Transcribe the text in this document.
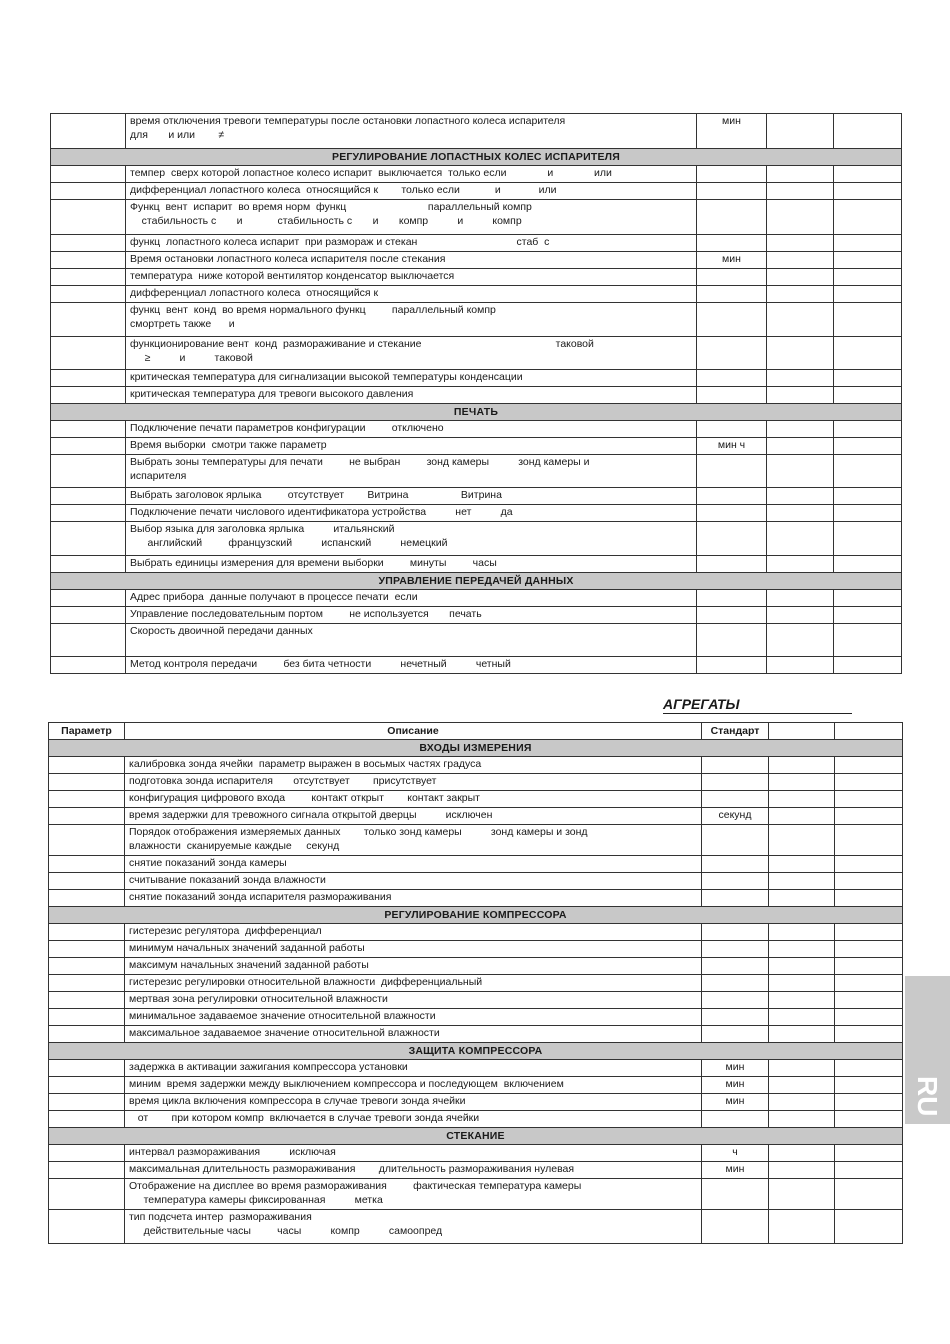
	время отключения тревоги температуры после остановки лопастного колеса испарителя
для       и или        ≠	мин		
РЕГУЛИРОВАНИЕ ЛОПАСТНЫХ КОЛЕС ИСПАРИТЕЛЯ				

	темпер  сверх которой лопастное колесо испарит  выключается  только если              и              или			

	дифференциал лопастного колеса  относящийся к        только если            и             или			

	Функц  вент  испарит  во время норм  функц                            параллельный компр
стабильность с       и            стабильность с       и       компр          и          компр			

	функц  лопастного колеса испарит  при размораж и стекан                                  стаб  с			

	Время остановки лопастного колеса испарителя после стекания	мин		

	температура  ниже которой вентилятор конденсатор выключается			

	дифференциал лопастного колеса  относящийся к			

	функц  вент  конд  во время нормального функц         параллельный компр
смортреть также      и			

	функционирование вент  конд  размораживание и стекание                                              таковой
≥          и          таковой			

	критическая температура для сигнализации высокой температуры конденсации			

	критическая температура для тревоги высокого давления			

ПЕЧАТЬ				

	Подключение печати параметров конфигурации         отключено			

	Время выборки  смотри также параметр	мин ч		

	Выбрать зоны температуры для печати         не выбран         зонд камеры          зонд камеры и
испарителя			

	Выбрать заголовок ярлыка         отсутствует        Витрина                  Витрина			

	Подключение печати числового идентификатора устройства          нет          да			

	Выбор языка для заголовка ярлыка          итальянский
английский         французский          испанский          немецкий			

	Выбрать единицы измерения для времени выборки         минуты         часы			

УПРАВЛЕНИЕ ПЕРЕДАЧЕЙ ДАННЫХ				

	Адрес прибора  данные получают в процессе печати  если			

	Управление последовательным портом         не используется       печать			

	Скорость двоичной передачи данных			

	Метод контроля передачи         без бита четности          нечетный          четный			

АГРЕГАТЫ
Параметр	Описание	Стандарт		
ВХОДЫ ИЗМЕРЕНИЯ				

	калибровка зонда ячейки  параметр выражен в восьмых частях градуса			

	подготовка зонда испарителя       отсутствует        присутствует			

	конфигурация цифрового входа         контакт открыт        контакт закрыт			

	время задержки для тревожного сигнала открытой дверцы          исключен	секунд		

	Порядок отображения измеряемых данных        только зонд камеры          зонд камеры и зонд
влажности  сканируемые каждые     секунд			

	снятие показаний зонда камеры			

	считывание показаний зонда влажности			

	снятие показаний зонда испарителя размораживания			

РЕГУЛИРОВАНИЕ КОМПРЕССОРА				

	гистерезис регулятора  дифференциал			

	минимум начальных значений заданной работы			

	максимум начальных значений заданной работы			

	гистерезис регулировки относительной влажности  дифференциальный			

	мертвая зона регулировки относительной влажности			

	минимальное задаваемое значение относительной влажности			

	максимальное задаваемое значение относительной влажности			

ЗАЩИТА КОМПРЕССОРА				

	задержка в активации зажигания компрессора установки	мин		

	миним  время задержки между выключением компрессора и последующем  включением	мин		

	время цикла включения компрессора в случае тревоги зонда ячейки	мин		

	от        при котором компр  включается в случае тревоги зонда ячейки			

СТЕКАНИЕ				

	интервал размораживания          исключая	ч		

	максимальная длительность размораживания        длительность размораживания нулевая	мин		

	Отображение на дисплее во время размораживания         фактическая температура камеры
температура камеры фиксированная          метка			

	тип подсчета интер  размораживания
действительные часы         часы          компр          самоопред			

RU
